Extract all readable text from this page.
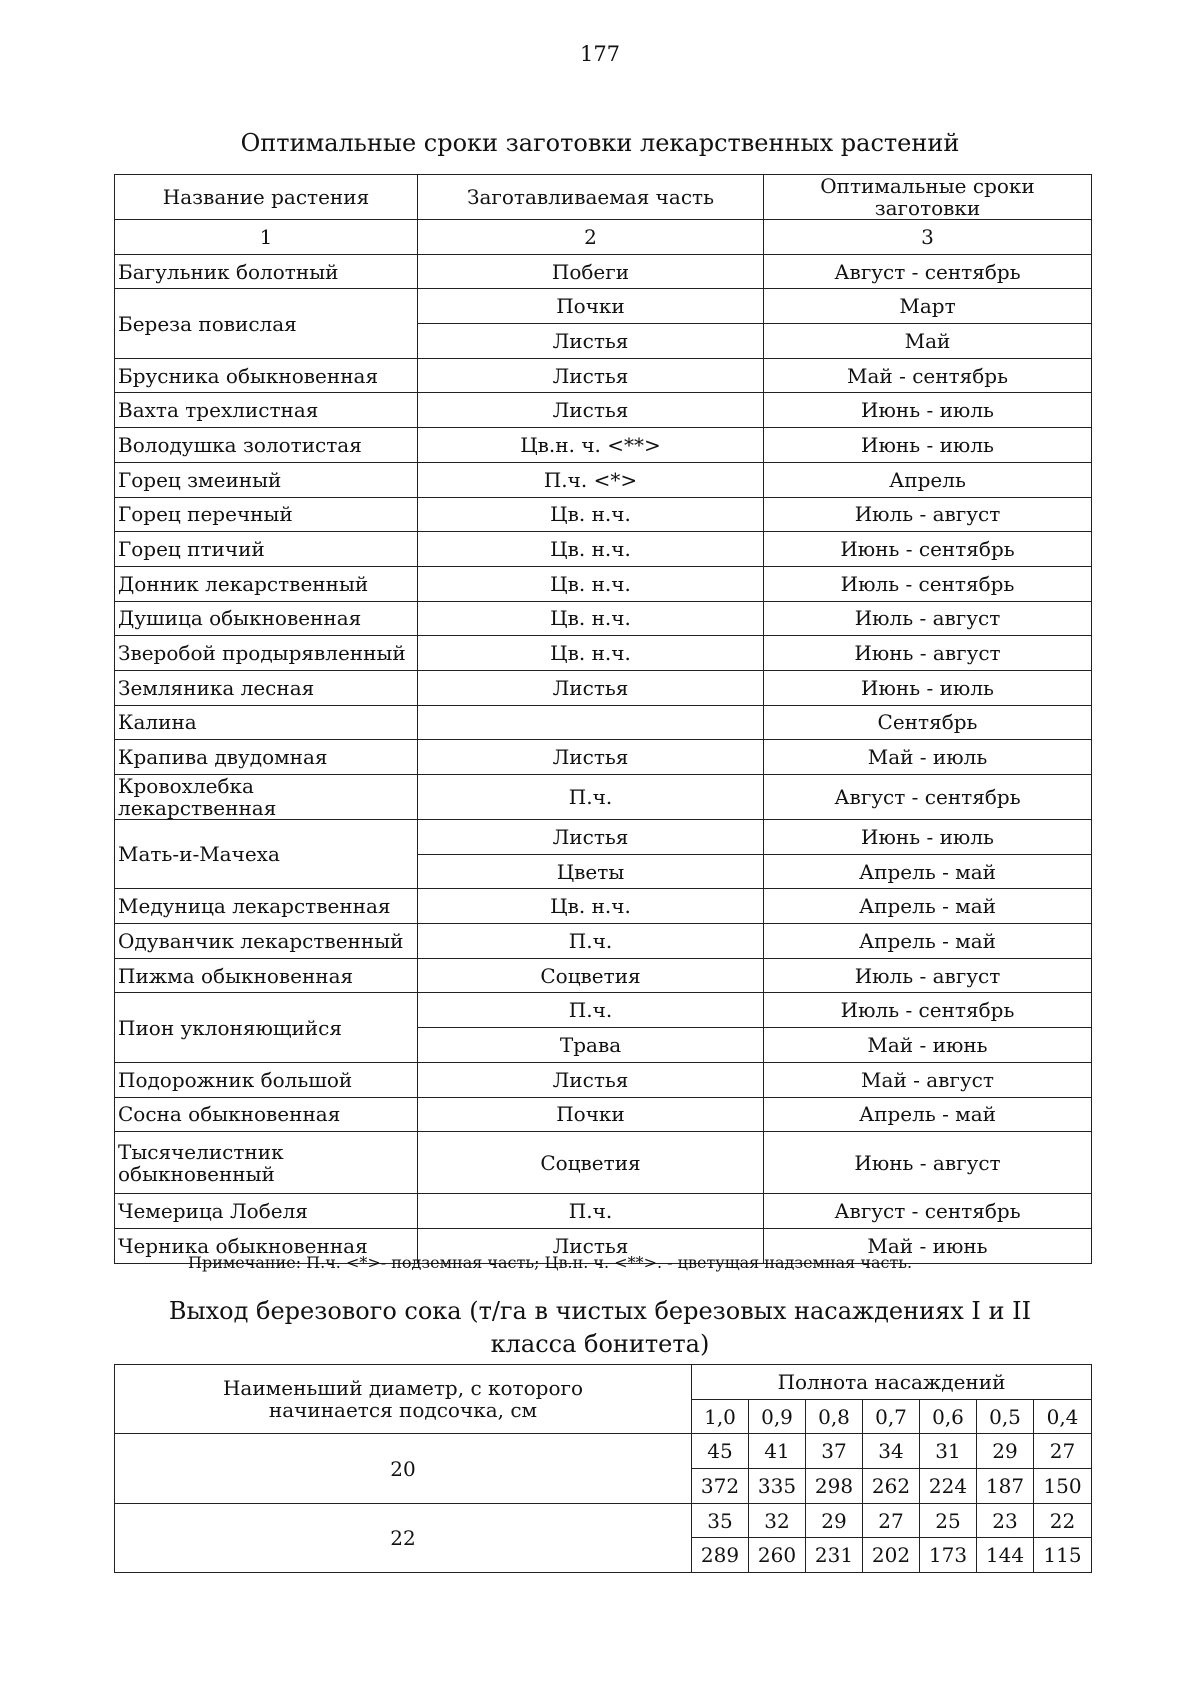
177
Оптимальные сроки заготовки лекарственных растений
Название растения	Заготавливаемая часть	Оптимальные сроки заготовки
1	2	3
Багульник болотный	Побеги	Август - сентябрь
Береза повислая	Почки	Март
	Листья	Май
Брусника обыкновенная	Листья	Май - сентябрь
Вахта трехлистная	Листья	Июнь - июль
Володушка золотистая	Цв.н. ч. <**>	Июнь - июль
Горец змеиный	П.ч. <*>	Апрель
Горец перечный	Цв. н.ч.	Июль - август
Горец птичий	Цв. н.ч.	Июнь - сентябрь
Донник лекарственный	Цв. н.ч.	Июль - сентябрь
Душица обыкновенная	Цв. н.ч.	Июль - август
Зверобой продырявленный	Цв. н.ч.	Июнь - август
Земляника лесная	Листья	Июнь - июль
Калина		Сентябрь
Крапива двудомная	Листья	Май - июль
Кровохлебка лекарственная	П.ч.	Август - сентябрь
Мать-и-Мачеха	Листья	Июнь - июль
	Цветы	Апрель - май
Медуница лекарственная	Цв. н.ч.	Апрель - май
Одуванчик лекарственный	П.ч.	Апрель - май
Пижма обыкновенная	Соцветия	Июль - август
Пион уклоняющийся	П.ч.	Июль - сентябрь
	Трава	Май - июнь
Подорожник большой	Листья	Май - август
Сосна обыкновенная	Почки	Апрель - май
Тысячелистник обыкновенный	Соцветия	Июнь - август
Чемерица Лобеля	П.ч.	Август - сентябрь
Черника обыкновенная	Листья	Май - июнь
Примечание: П.ч. <*>- подземная часть; Цв.н. ч. <**>. - цветущая надземная часть.
Выход березового сока (т/га в чистых березовых насаждениях I и II класса бонитета)
Наименьший диаметр, с которого начинается подсочка, см	Полнота насаждений						
	1,0	0,9	0,8	0,7	0,6	0,5	0,4
20	45	41	37	34	31	29	27
	372	335	298	262	224	187	150
22	35	32	29	27	25	23	22
	289	260	231	202	173	144	115
